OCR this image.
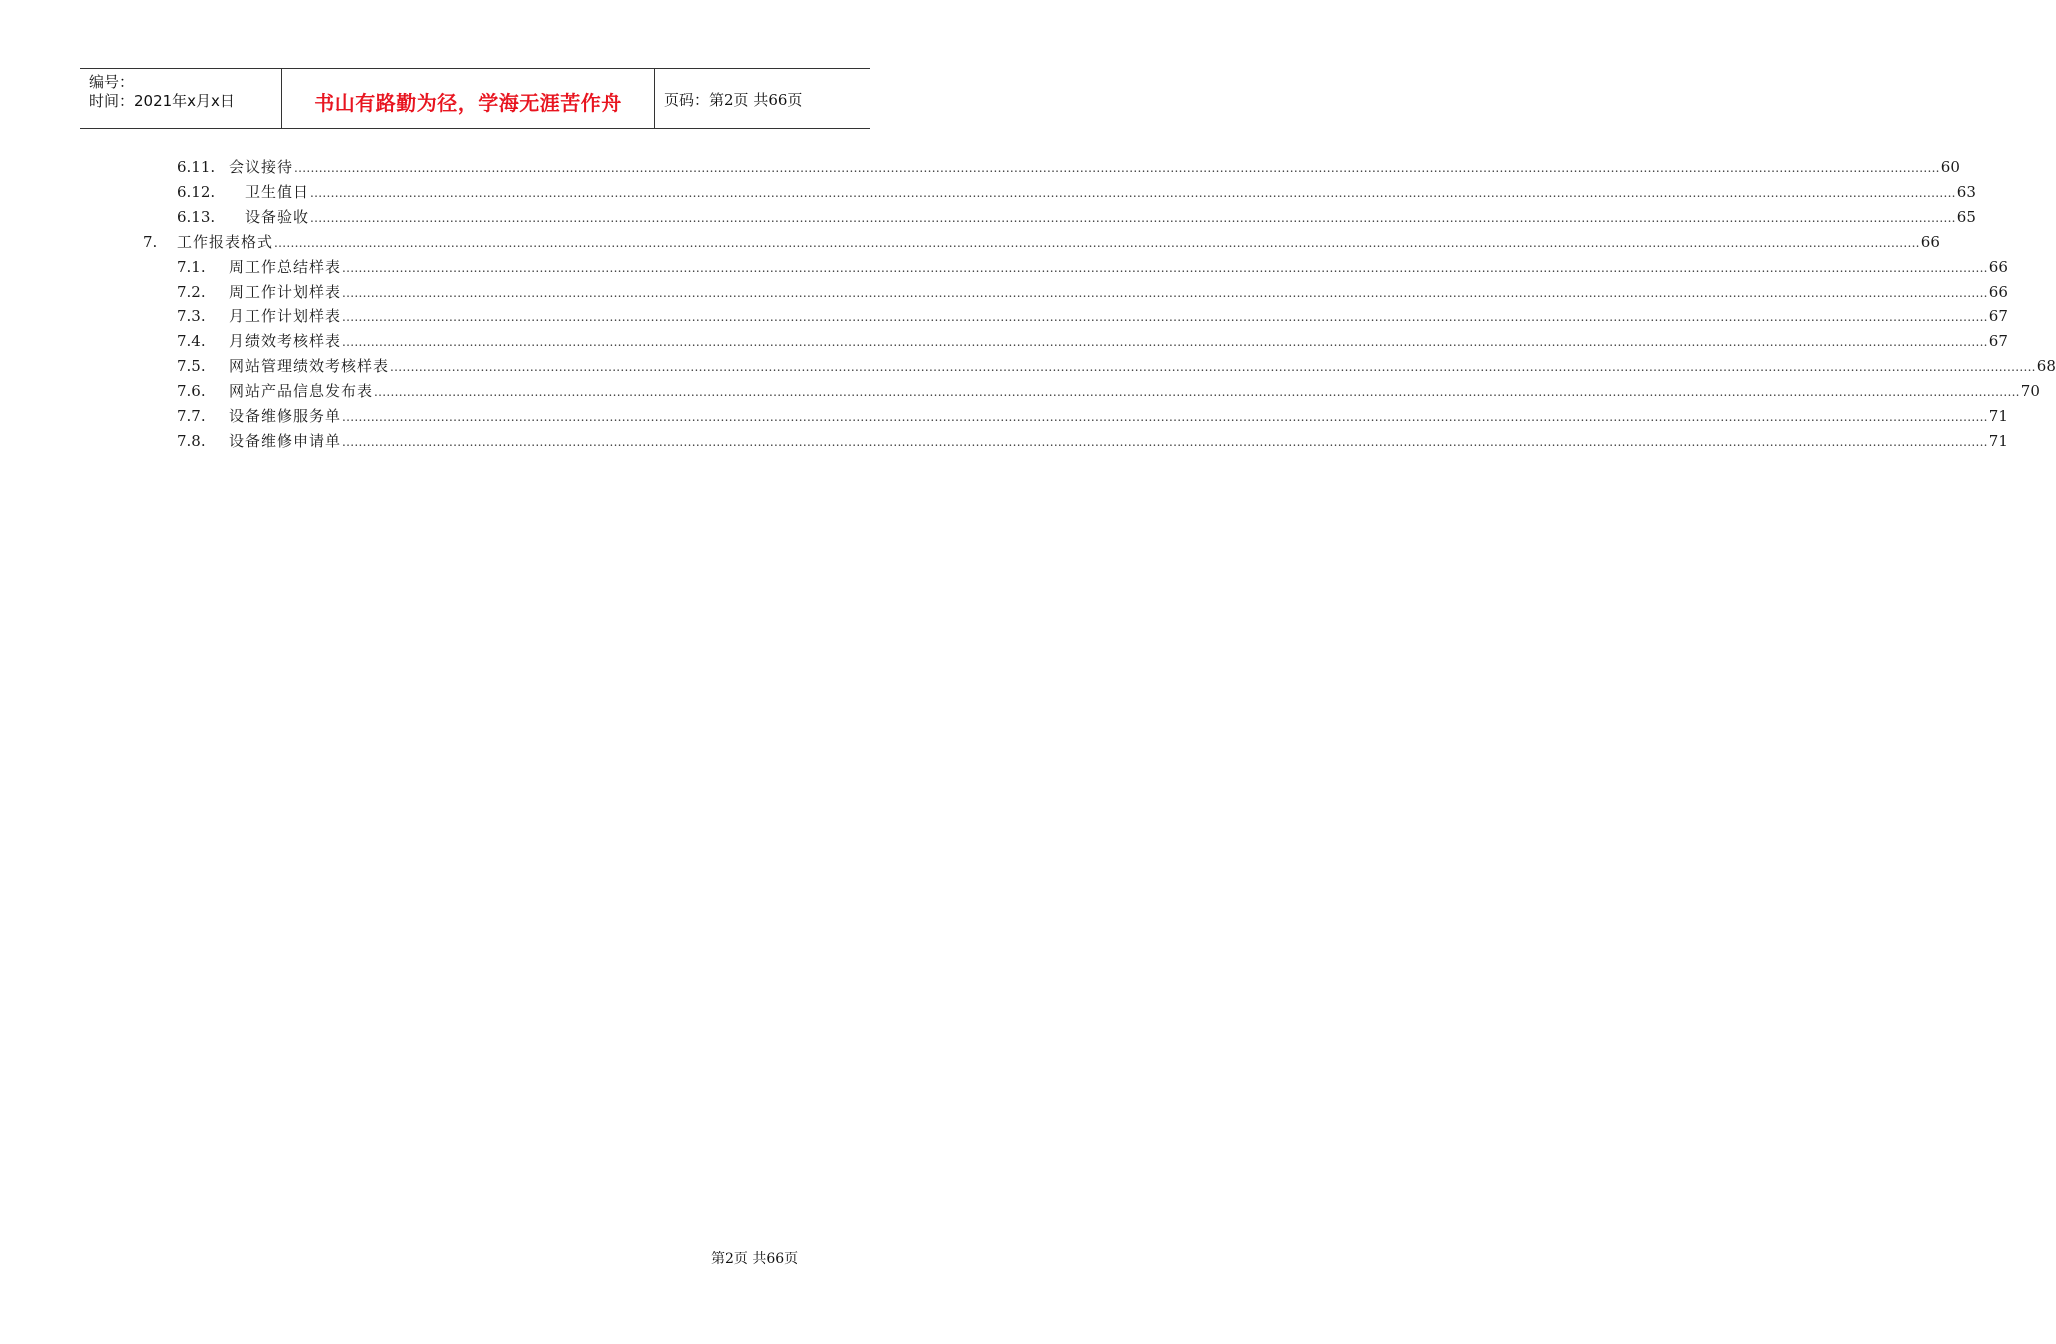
编号：
时间：2021年x月x日	书山有路勤为径，学海无涯苦作舟	页码：第2页 共66页
6.11. 会议接待 ................................................................................................................................................................................................................................................................................................................................................................................................................ 60
6.12.	卫生值日 ................................................................................................................................................................................................................................................................................................................................................................................................................ 63
6.13.	设备验收 ................................................................................................................................................................................................................................................................................................................................................................................................................ 65
7.	工作报表格式 ................................................................................................................................................................................................................................................................................................................................................................................................................ 66
7.1.	周工作总结样表 ................................................................................................................................................................................................................................................................................................................................................................................................................ 66
7.2.	周工作计划样表 ................................................................................................................................................................................................................................................................................................................................................................................................................ 66
7.3.	月工作计划样表 ................................................................................................................................................................................................................................................................................................................................................................................................................ 67
7.4.	月绩效考核样表 ................................................................................................................................................................................................................................................................................................................................................................................................................ 67
7.5.	网站管理绩效考核样表 ................................................................................................................................................................................................................................................................................................................................................................................................................ 68
7.6.	网站产品信息发布表 ................................................................................................................................................................................................................................................................................................................................................................................................................ 70
7.7.	设备维修服务单 ................................................................................................................................................................................................................................................................................................................................................................................................................ 71
7.8.	设备维修申请单 ................................................................................................................................................................................................................................................................................................................................................................................................................ 71
第2页 共66页
